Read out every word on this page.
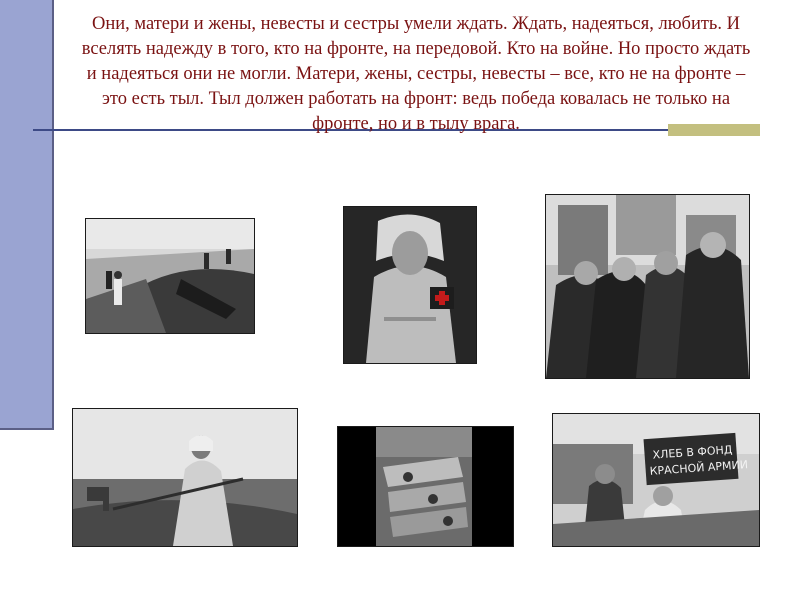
Они, матери и жены, невесты и сестры умели ждать. Ждать, надеяться, любить. И вселять надежду в того, кто на фронте, на передовой. Кто на войне. Но просто ждать и надеяться они не могли. Матери, жены, сестры, невесты – все, кто не на фронте – это есть тыл. Тыл должен работать на фронт: ведь победа ковалась не только на фронте, но и в тылу врага.

ХЛЕБ В ФОНД
КРАСНОЙ АРМИИ
